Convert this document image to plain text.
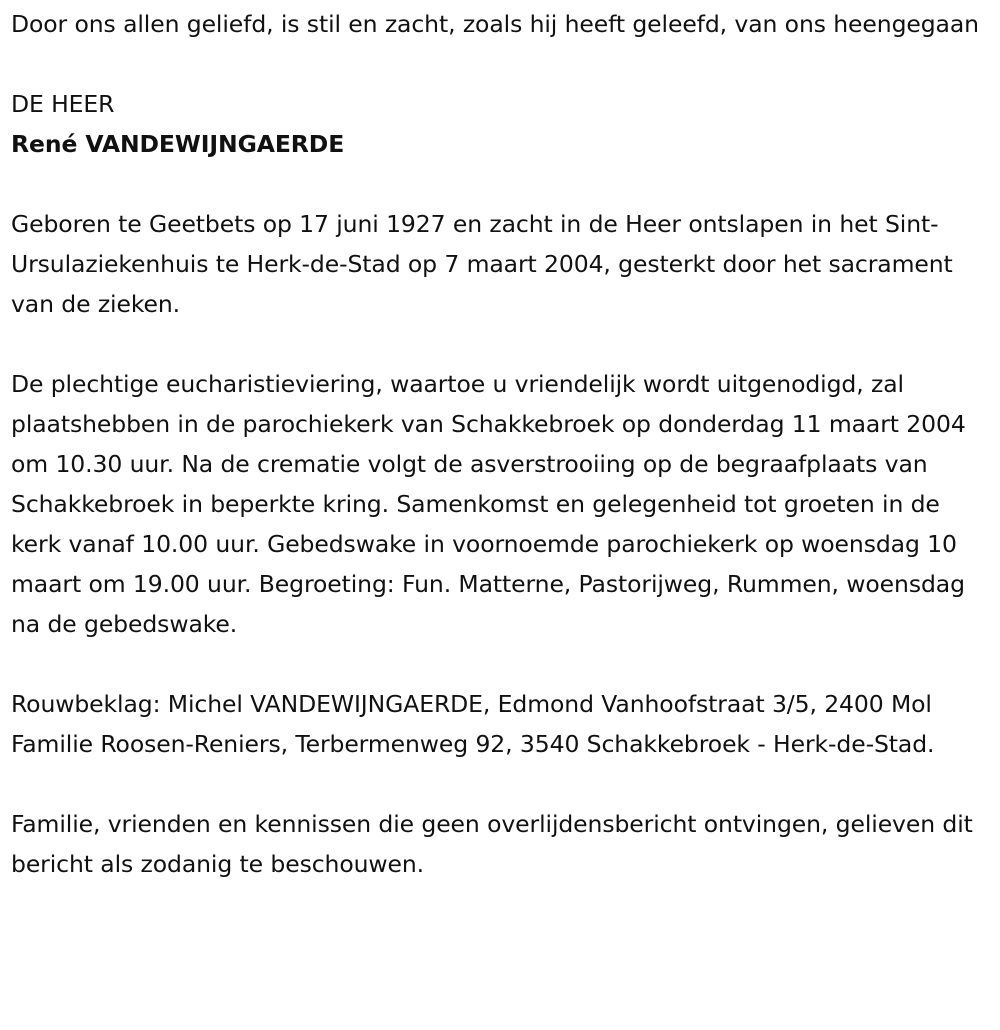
Door ons allen geliefd, is stil en zacht, zoals hij heeft geleefd, van ons heengegaan

DE HEER

René VANDEWIJNGAERDE

Geboren te Geetbets op 17 juni 1927 en zacht in de Heer ontslapen in het Sint-Ursulaziekenhuis te Herk-de-Stad op 7 maart 2004, gesterkt door het sacrament van de zieken.

De plechtige eucharistieviering, waartoe u vriendelijk wordt uitgenodigd, zal plaatshebben in de parochiekerk van Schakkebroek op donderdag 11 maart 2004 om 10.30 uur. Na de crematie volgt de asverstrooiing op de begraafplaats van Schakkebroek in beperkte kring. Samenkomst en gelegenheid tot groeten in de kerk vanaf 10.00 uur. Gebedswake in voornoemde parochiekerk op woensdag 10 maart om 19.00 uur. Begroeting: Fun. Matterne, Pastorijweg, Rummen, woensdag na de gebedswake.

Rouwbeklag: Michel VANDEWIJNGAERDE, Edmond Vanhoofstraat 3/5, 2400 Mol Familie Roosen-Reniers, Terbermenweg 92, 3540 Schakkebroek - Herk-de-Stad.

Familie, vrienden en kennissen die geen overlijdensbericht ontvingen, gelieven dit bericht als zodanig te beschouwen.
